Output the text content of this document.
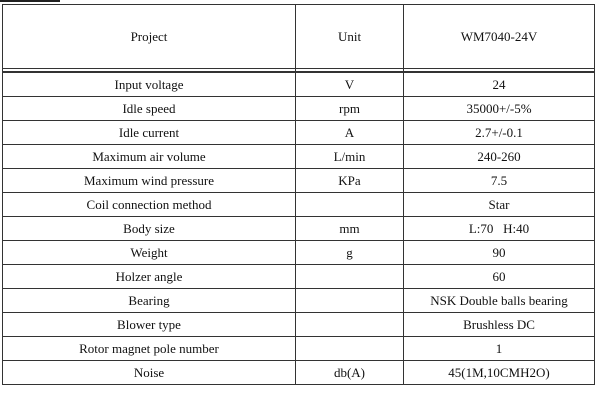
Project	Unit	WM7040-24V

Input voltage	V	24
Idle speed	rpm	35000+/-5%
Idle current	A	2.7+/-0.1
Maximum air volume	L/min	240-260
Maximum wind pressure	KPa	7.5
Coil connection method		Star
Body size	mm	L:70   H:40
Weight	g	90
Holzer angle		60
Bearing		NSK Double balls bearing
Blower type		Brushless DC
Rotor magnet pole number		1
Noise	db(A)	45(1M,10CMH2O)
